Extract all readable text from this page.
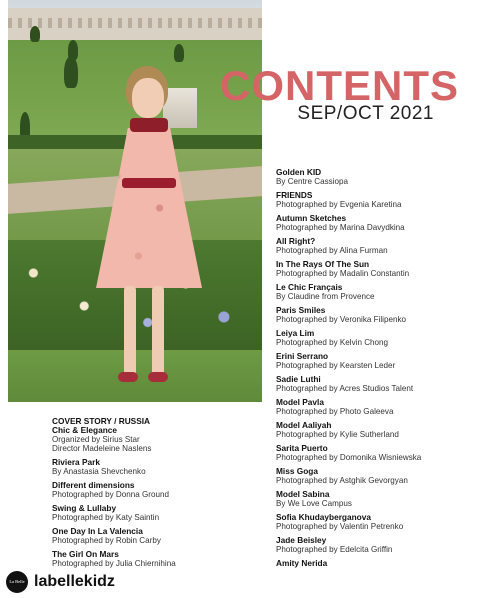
CONTENTS
SEP/OCT 2021
Golden KID
By Centre Cassiopa
FRIENDS
Photographed by Evgenia Karetina
Autumn Sketches
Photographed by Marina Davydkina
All Right?
Photographed by Alina Furman
In The Rays Of The Sun
Photographed by Madalin Constantin
Le Chic Français
By Claudine from Provence
Paris Smiles
Photographed by Veronika Filipenko
Leiya Lim
Photographed by Kelvin Chong
Erini Serrano
Photographed by Kearsten Leder
Sadie Luthi
Photographed by Acres Studios Talent
Model Pavla
Photographed by Photo Galeeva
Model Aaliyah
Photographed by Kylie Sutherland
Sarita Puerto
Photographed by Domonika Wisniewska
Miss Goga
Photographed by Astghik Gevorgyan
Model Sabina
By We Love Campus
Sofia Khudayberganova
Photographed by Valentin Petrenko
Jade Beisley
Photographed by Edelcita Griffin
Amity Nerida
COVER STORY / RUSSIA
Chic & Elegance
Organized by Sirius Star
Director Madeleine Naslens
Riviera Park
By Anastasia Shevchenko
Different dimensions
Photographed by Donna Ground
Swing & Lullaby
Photographed by Katy Saintin
One Day In La Valencia
Photographed by Robin Carby
The Girl On Mars
Photographed by Julia Chiernihina
La Belle labellekidz
